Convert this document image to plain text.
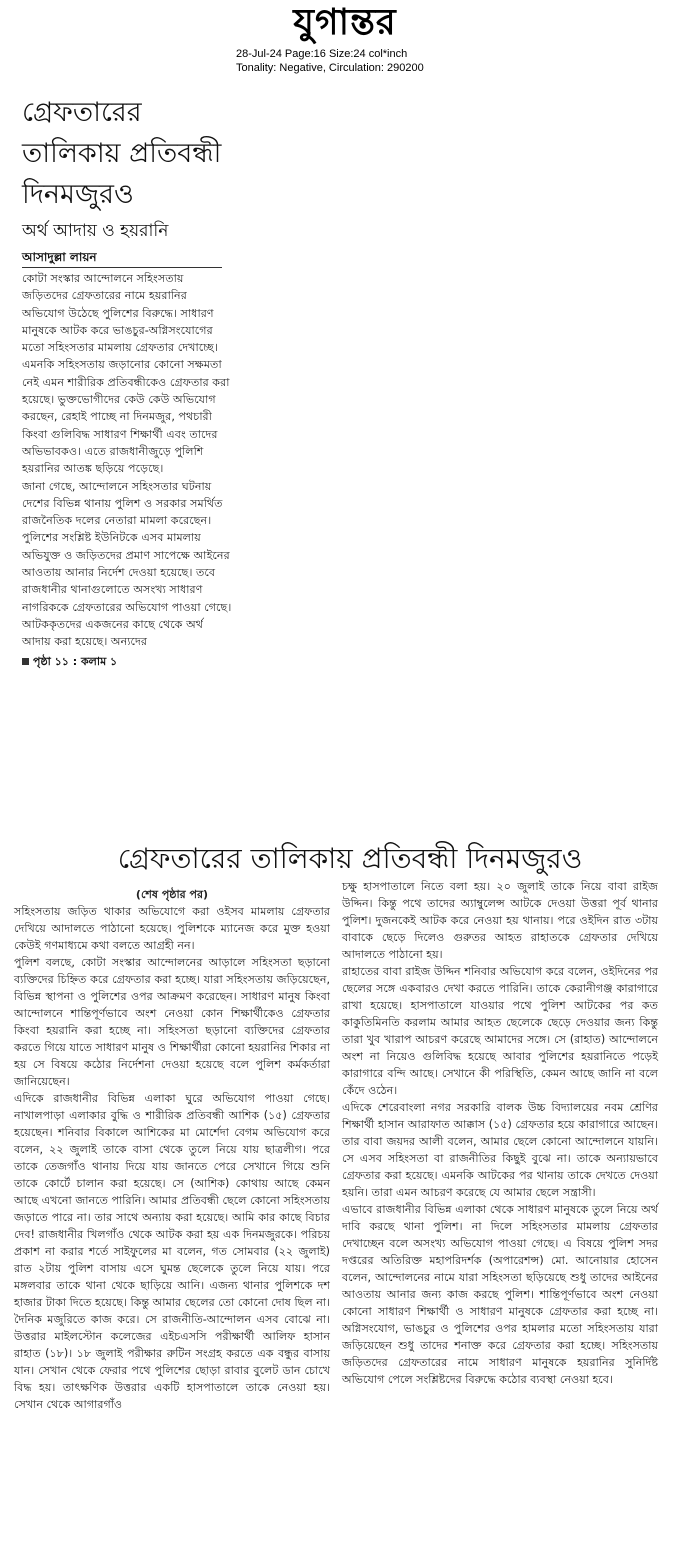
যুগান্তর
28-Jul-24 Page:16 Size:24 col*inch
Tonality: Negative, Circulation: 290200
গ্রেফতারের
তালিকায় প্রতিবন্ধী
দিনমজুরও
অর্থ আদায় ও হয়রানি
আসাদুল্লা লায়ন

কোটা সংস্কার আন্দোলনে সহিংসতায় জড়িতদের গ্রেফতারের নামে হয়রানির অভিযোগ উঠেছে পুলিশের বিরুদ্ধে। সাধারণ মানুষকে আটক করে ভাঙচুর-অগ্নিসংযোগের মতো সহিংসতার মামলায় গ্রেফতার দেখাচ্ছে। এমনকি সহিংসতায় জড়ানোর কোনো সক্ষমতা নেই এমন শারীরিক প্রতিবন্ধীকেও গ্রেফতার করা হয়েছে। ভুক্তভোগীদের কেউ কেউ অভিযোগ করছেন, রেহাই পাচ্ছে না দিনমজুর, পথচারী কিংবা গুলিবিদ্ধ সাধারণ শিক্ষার্থী এবং তাদের অভিভাবকও। এতে রাজধানীজুড়ে পুলিশি হয়রানির আতঙ্ক ছড়িয়ে পড়েছে।

জানা গেছে, আন্দোলনে সহিংসতার ঘটনায় দেশের বিভিন্ন থানায় পুলিশ ও সরকার সমর্থিত রাজনৈতিক দলের নেতারা মামলা করেছেন। পুলিশের সংশ্লিষ্ট ইউনিটকে এসব মামলায় অভিযুক্ত ও জড়িতদের প্রমাণ সাপেক্ষে আইনের আওতায় আনার নির্দেশ দেওয়া হয়েছে। তবে রাজধানীর থানাগুলোতে অসংখ্য সাধারণ নাগরিককে গ্রেফতারের অভিযোগ পাওয়া গেছে।

আটককৃতদের একজনের কাছে থেকে অর্থ আদায় করা হয়েছে। অন্যদের

পৃষ্ঠা ১১ : কলাম ১
গ্রেফতারের তালিকায় প্রতিবন্ধী দিনমজুরও
(শেষ পৃষ্ঠার পর)

সহিংসতায় জড়িত থাকার অভিযোগে করা ওইসব মামলায় গ্রেফতার দেখিয়ে আদালতে পাঠানো হয়েছে। পুলিশকে ম্যানেজ করে মুক্ত হওয়া কেউই গণমাধ্যমে কথা বলতে আগ্রহী নন।

পুলিশ বলছে, কোটা সংস্কার আন্দোলনের আড়ালে সহিংসতা ছড়ানো ব্যক্তিদের চিহ্নিত করে গ্রেফতার করা হচ্ছে। যারা সহিংসতায় জড়িয়েছেন, বিভিন্ন স্থাপনা ও পুলিশের ওপর আক্রমণ করেছেন। সাধারণ মানুষ কিংবা আন্দোলনে শান্তিপূর্ণভাবে অংশ নেওয়া কোন শিক্ষার্থীকেও গ্রেফতার কিংবা হয়রানি করা হচ্ছে না। সহিংসতা ছড়ানো ব্যক্তিদের গ্রেফতার করতে গিয়ে যাতে সাধারণ মানুষ ও শিক্ষার্থীরা কোনো হয়রানির শিকার না হয় সে বিষয়ে কঠোর নির্দেশনা দেওয়া হয়েছে বলে পুলিশ কর্মকর্তারা জানিয়েছেন।

এদিকে রাজধানীর বিভিন্ন এলাকা ঘুরে অভিযোগ পাওয়া গেছে। নাখালপাড়া এলাকার বুদ্ধি ও শারীরিক প্রতিবন্ধী আশিক (১৫) গ্রেফতার হয়েছেন। শনিবার বিকালে আশিকের মা মোর্শেদা বেগম অভিযোগ করে বলেন, ২২ জুলাই তাকে বাসা থেকে তুলে নিয়ে যায় ছাত্রলীগ। পরে তাকে তেজগাঁও থানায় দিয়ে যায় জানতে পেরে সেখানে গিয়ে শুনি তাকে কোর্টে চালান করা হয়েছে। সে (আশিক) কোথায় আছে কেমন আছে এখনো জানতে পারিনি। আমার প্রতিবন্ধী ছেলে কোনো সহিংসতায় জড়াতে পারে না। তার সাথে অন্যায় করা হয়েছে। আমি কার কাছে বিচার দেব! রাজধানীর খিলগাঁও থেকে আটক করা হয় এক দিনমজুরকে। পরিচয় প্রকাশ না করার শর্তে সাইফুলের মা বলেন, গত সোমবার (২২ জুলাই) রাত ২টায় পুলিশ বাসায় এসে ঘুমন্ত ছেলেকে তুলে নিয়ে যায়। পরে মঙ্গলবার তাকে থানা থেকে ছাড়িয়ে আনি। এজন্য থানার পুলিশকে দশ হাজার টাকা দিতে হয়েছে। কিন্তু আমার ছেলের তো কোনো দোষ ছিল না। দৈনিক মজুরিতে কাজ করে। সে রাজনীতি-আন্দোলন এসব বোঝে না। উত্তরার মাইলস্টোন কলেজের এইচএসসি পরীক্ষার্থী আলিফ হাসান রাহাত (১৮)। ১৮ জুলাই পরীক্ষার রুটিন সংগ্রহ করতে এক বন্ধুর বাসায় যান। সেখান থেকে ফেরার পথে পুলিশের ছোড়া রাবার বুলেট ডান চোখে বিদ্ধ হয়। তাৎক্ষণিক উত্তরার একটি হাসপাতালে তাকে নেওয়া হয়। সেখান থেকে আগারগাঁও

চক্ষু হাসপাতালে নিতে বলা হয়। ২০ জুলাই তাকে নিয়ে বাবা রাইজ উদ্দিন। কিন্তু পথে তাদের অ্যাম্বুলেন্স আটকে দেওয়া উত্তরা পূর্ব থানার পুলিশ। দুজনকেই আটক করে নেওয়া হয় থানায়। পরে ওইদিন রাত ৩টায় বাবাকে ছেড়ে দিলেও গুরুতর আহত রাহাতকে গ্রেফতার দেখিয়ে আদালতে পাঠানো হয়।

রাহাতের বাবা রাইজ উদ্দিন শনিবার অভিযোগ করে বলেন, ওইদিনের পর ছেলের সঙ্গে একবারও দেখা করতে পারিনি। তাকে কেরানীগঞ্জ কারাগারে রাখা হয়েছে। হাসপাতালে যাওয়ার পথে পুলিশ আটকের পর কত কাকুতিমিনতি করলাম আমার আহত ছেলেকে ছেড়ে দেওয়ার জন্য কিন্তু তারা খুব খারাপ আচরণ করেছে আমাদের সঙ্গে। সে (রাহাত) আন্দোলনে অংশ না নিয়েও গুলিবিদ্ধ হয়েছে আবার পুলিশের হয়রানিতে পড়েই কারাগারে বন্দি আছে। সেখানে কী পরিস্থিতি, কেমন আছে জানি না বলে কেঁদে ওঠেন।

এদিকে শেরেবাংলা নগর সরকারি বালক উচ্চ বিদ্যালয়ের নবম শ্রেণির শিক্ষার্থী হাসান আরাফাত আক্কাস (১৫) গ্রেফতার হয়ে কারাগারে আছেন। তার বাবা জয়দর আলী বলেন, আমার ছেলে কোনো আন্দোলনে যায়নি। সে এসব সহিংসতা বা রাজনীতির কিছুই বুঝে না। তাকে অন্যায়ভাবে গ্রেফতার করা হয়েছে। এমনকি আটকের পর থানায় তাকে দেখতে দেওয়া হয়নি। তারা এমন আচরণ করেছে যে আমার ছেলে সন্ত্রাসী।

এভাবে রাজধানীর বিভিন্ন এলাকা থেকে সাধারণ মানুষকে তুলে নিয়ে অর্থ দাবি করছে থানা পুলিশ। না দিলে সহিংসতার মামলায় গ্রেফতার দেখাচ্ছেন বলে অসংখ্য অভিযোগ পাওয়া গেছে। এ বিষয়ে পুলিশ সদর দপ্তরের অতিরিক্ত মহাপরিদর্শক (অপারেশন্স) মো. আনোয়ার হোসেন বলেন, আন্দোলনের নামে যারা সহিংসতা ছড়িয়েছে শুধু তাদের আইনের আওতায় আনার জন্য কাজ করছে পুলিশ। শান্তিপূর্ণভাবে অংশ নেওয়া কোনো সাধারণ শিক্ষার্থী ও সাধারণ মানুষকে গ্রেফতার করা হচ্ছে না। অগ্নিসংযোগ, ভাঙচুর ও পুলিশের ওপর হামলার মতো সহিংসতায় যারা জড়িয়েছেন শুধু তাদের শনাক্ত করে গ্রেফতার করা হচ্ছে। সহিংসতায় জড়িতদের গ্রেফতারের নামে সাধারণ মানুষকে হয়রানির সুনির্দিষ্ট অভিযোগ পেলে সংশ্লিষ্টদের বিরুদ্ধে কঠোর ব্যবস্থা নেওয়া হবে।
